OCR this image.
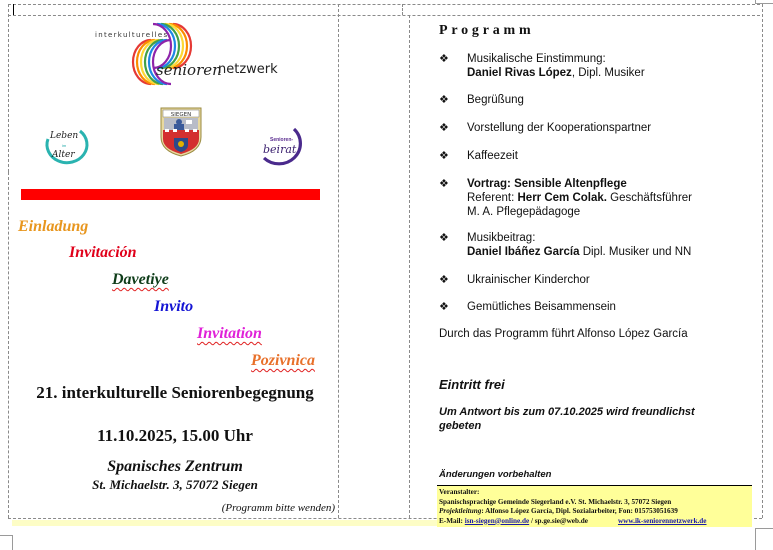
interkulturelles
senioren
netzwerk
Leben
im
Alter
SIEGEN
Senioren-
beirat
Einladung
Invitación
Davetiye
Invito
Invitation
Pozivnica
21. interkulturelle Seniorenbegegnung
11.10.2025, 15.00 Uhr
Spanisches Zentrum
St. Michaelstr. 3, 57072 Siegen
(Programm bitte wenden)
Programm
❖ Musikalische Einstimmung:
Daniel Rivas López, Dipl. Musiker
❖ Begrüßung
❖ Vorstellung der Kooperationspartner
❖ Kaffeezeit
❖ Vortrag: Sensible Altenpflege
Referent: Herr Cem Colak. Geschäftsführer
M. A. Pflegepädagoge
❖ Musikbeitrag:
Daniel Ibáñez García Dipl. Musiker und NN
❖ Ukrainischer Kinderchor
❖ Gemütliches Beisammensein
Durch das Programm führt Alfonso López García
Eintritt frei
Um Antwort bis zum 07.10.2025 wird freundlichst gebeten
Änderungen vorbehalten
Veranstalter:
Spanischsprachige Gemeinde Siegerland e.V. St. Michaelstr. 3, 57072 Siegen
Projektleitung: Alfonso López García, Dipl. Sozialarbeiter, Fon: 015753051639
E-Mail: isn-siegen@online.de / sp.ge.sie@web.de	www.ik-seniorennetzwerk.de
